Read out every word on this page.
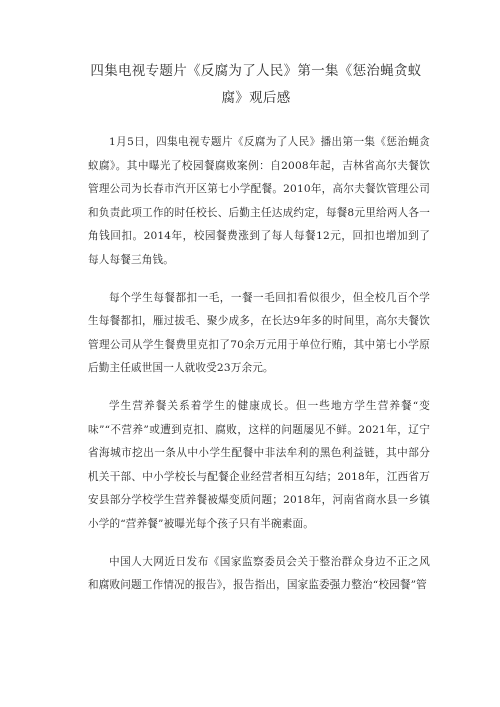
四集电视专题片《反腐为了人民》第一集《惩治蝇贪蚁
腐》观后感

1月5日，四集电视专题片《反腐为了人民》播出第一集《惩治蝇贪蚁腐》。其中曝光了校园餐腐败案例：自2008年起，吉林省高尔夫餐饮管理公司为长春市汽开区第七小学配餐。2010年，高尔夫餐饮管理公司和负责此项工作的时任校长、后勤主任达成约定，每餐8元里给两人各一角钱回扣。2014年，校园餐费涨到了每人每餐12元，回扣也增加到了每人每餐三角钱。

每个学生每餐都扣一毛，一餐一毛回扣看似很少，但全校几百个学生每餐都扣，雁过拔毛、聚少成多，在长达9年多的时间里，高尔夫餐饮管理公司从学生餐费里克扣了70余万元用于单位行贿，其中第七小学原后勤主任戚世国一人就收受23万余元。

学生营养餐关系着学生的健康成长。但一些地方学生营养餐“变味”“不营养”或遭到克扣、腐败，这样的问题屡见不鲜。2021年，辽宁省海城市挖出一条从中小学生配餐中非法牟利的黑色利益链，其中部分机关干部、中小学校长与配餐企业经营者相互勾结；2018年，江西省万安县部分学校学生营养餐被爆变质问题；2018年，河南省商水县一乡镇小学的“营养餐”被曝光每个孩子只有半碗素面。

中国人大网近日发布《国家监察委员会关于整治群众身边不正之风和腐败问题工作情况的报告》，报告指出，国家监委强力整治“校园餐”管
